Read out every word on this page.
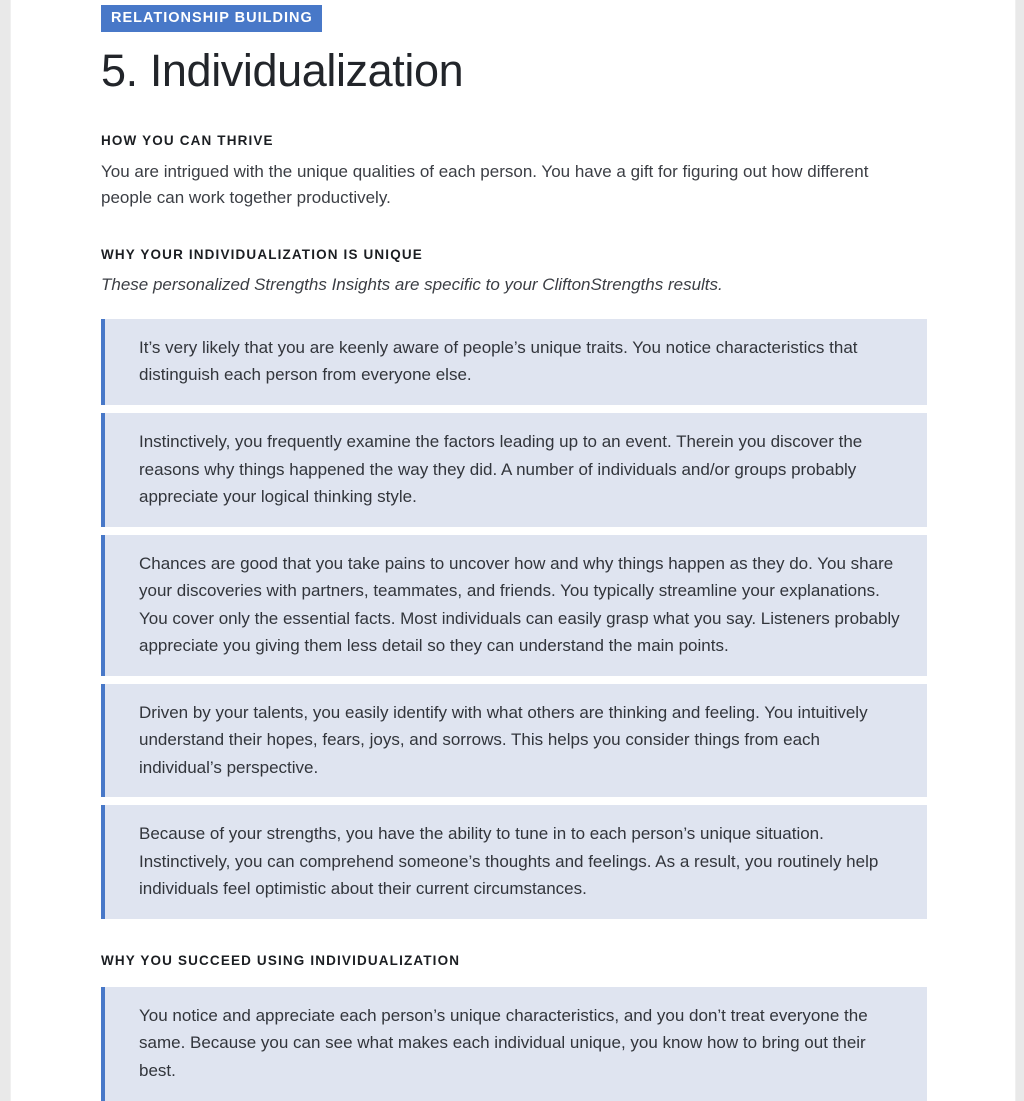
RELATIONSHIP BUILDING
5. Individualization
HOW YOU CAN THRIVE

You are intrigued with the unique qualities of each person. You have a gift for figuring out how different people can work together productively.

WHY YOUR INDIVIDUALIZATION IS UNIQUE

These personalized Strengths Insights are specific to your CliftonStrengths results.

It’s very likely that you are keenly aware of people’s unique traits. You notice characteristics that distinguish each person from everyone else.

Instinctively, you frequently examine the factors leading up to an event. Therein you discover the reasons why things happened the way they did. A number of individuals and/or groups probably appreciate your logical thinking style.

Chances are good that you take pains to uncover how and why things happen as they do. You share your discoveries with partners, teammates, and friends. You typically streamline your explanations. You cover only the essential facts. Most individuals can easily grasp what you say. Listeners probably appreciate you giving them less detail so they can understand the main points.

Driven by your talents, you easily identify with what others are thinking and feeling. You intuitively understand their hopes, fears, joys, and sorrows. This helps you consider things from each individual’s perspective.

Because of your strengths, you have the ability to tune in to each person’s unique situation. Instinctively, you can comprehend someone’s thoughts and feelings. As a result, you routinely help individuals feel optimistic about their current circumstances.

WHY YOU SUCCEED USING INDIVIDUALIZATION

You notice and appreciate each person’s unique characteristics, and you don’t treat everyone the same. Because you can see what makes each individual unique, you know how to bring out their best.
